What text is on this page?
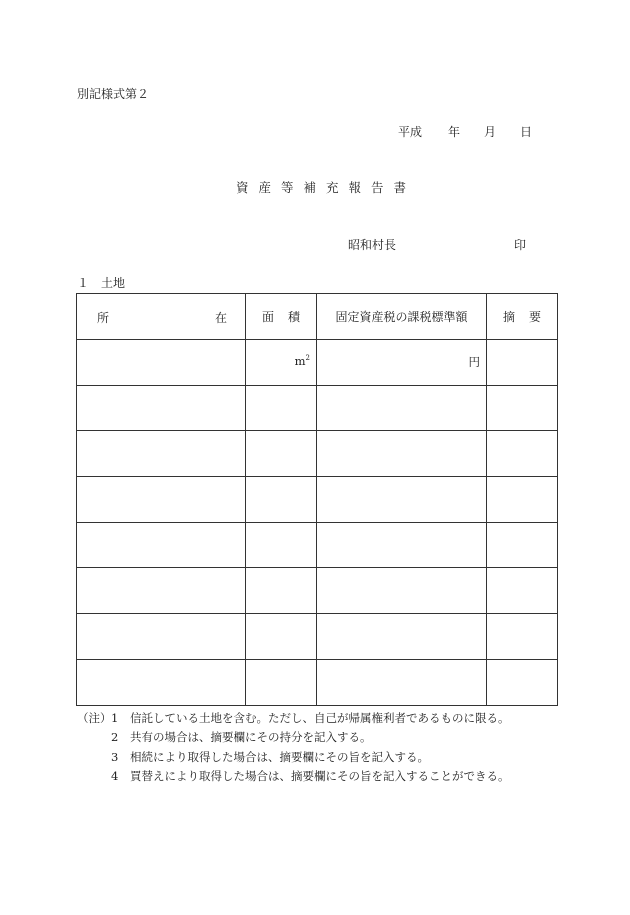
別記様式第２
平成 年 月 日
資産等補充報告書
昭和村長	印
１　土地
所 在	面積	固定資産税の課税標準額	摘要

	$m^2$	円	

（注） 1 信託している土地を含む。ただし、自己が帰属権利者であるものに限る。
2 共有の場合は、摘要欄にその持分を記入する。
3 相続により取得した場合は、摘要欄にその旨を記入する。
4 買替えにより取得した場合は、摘要欄にその旨を記入することができる。
